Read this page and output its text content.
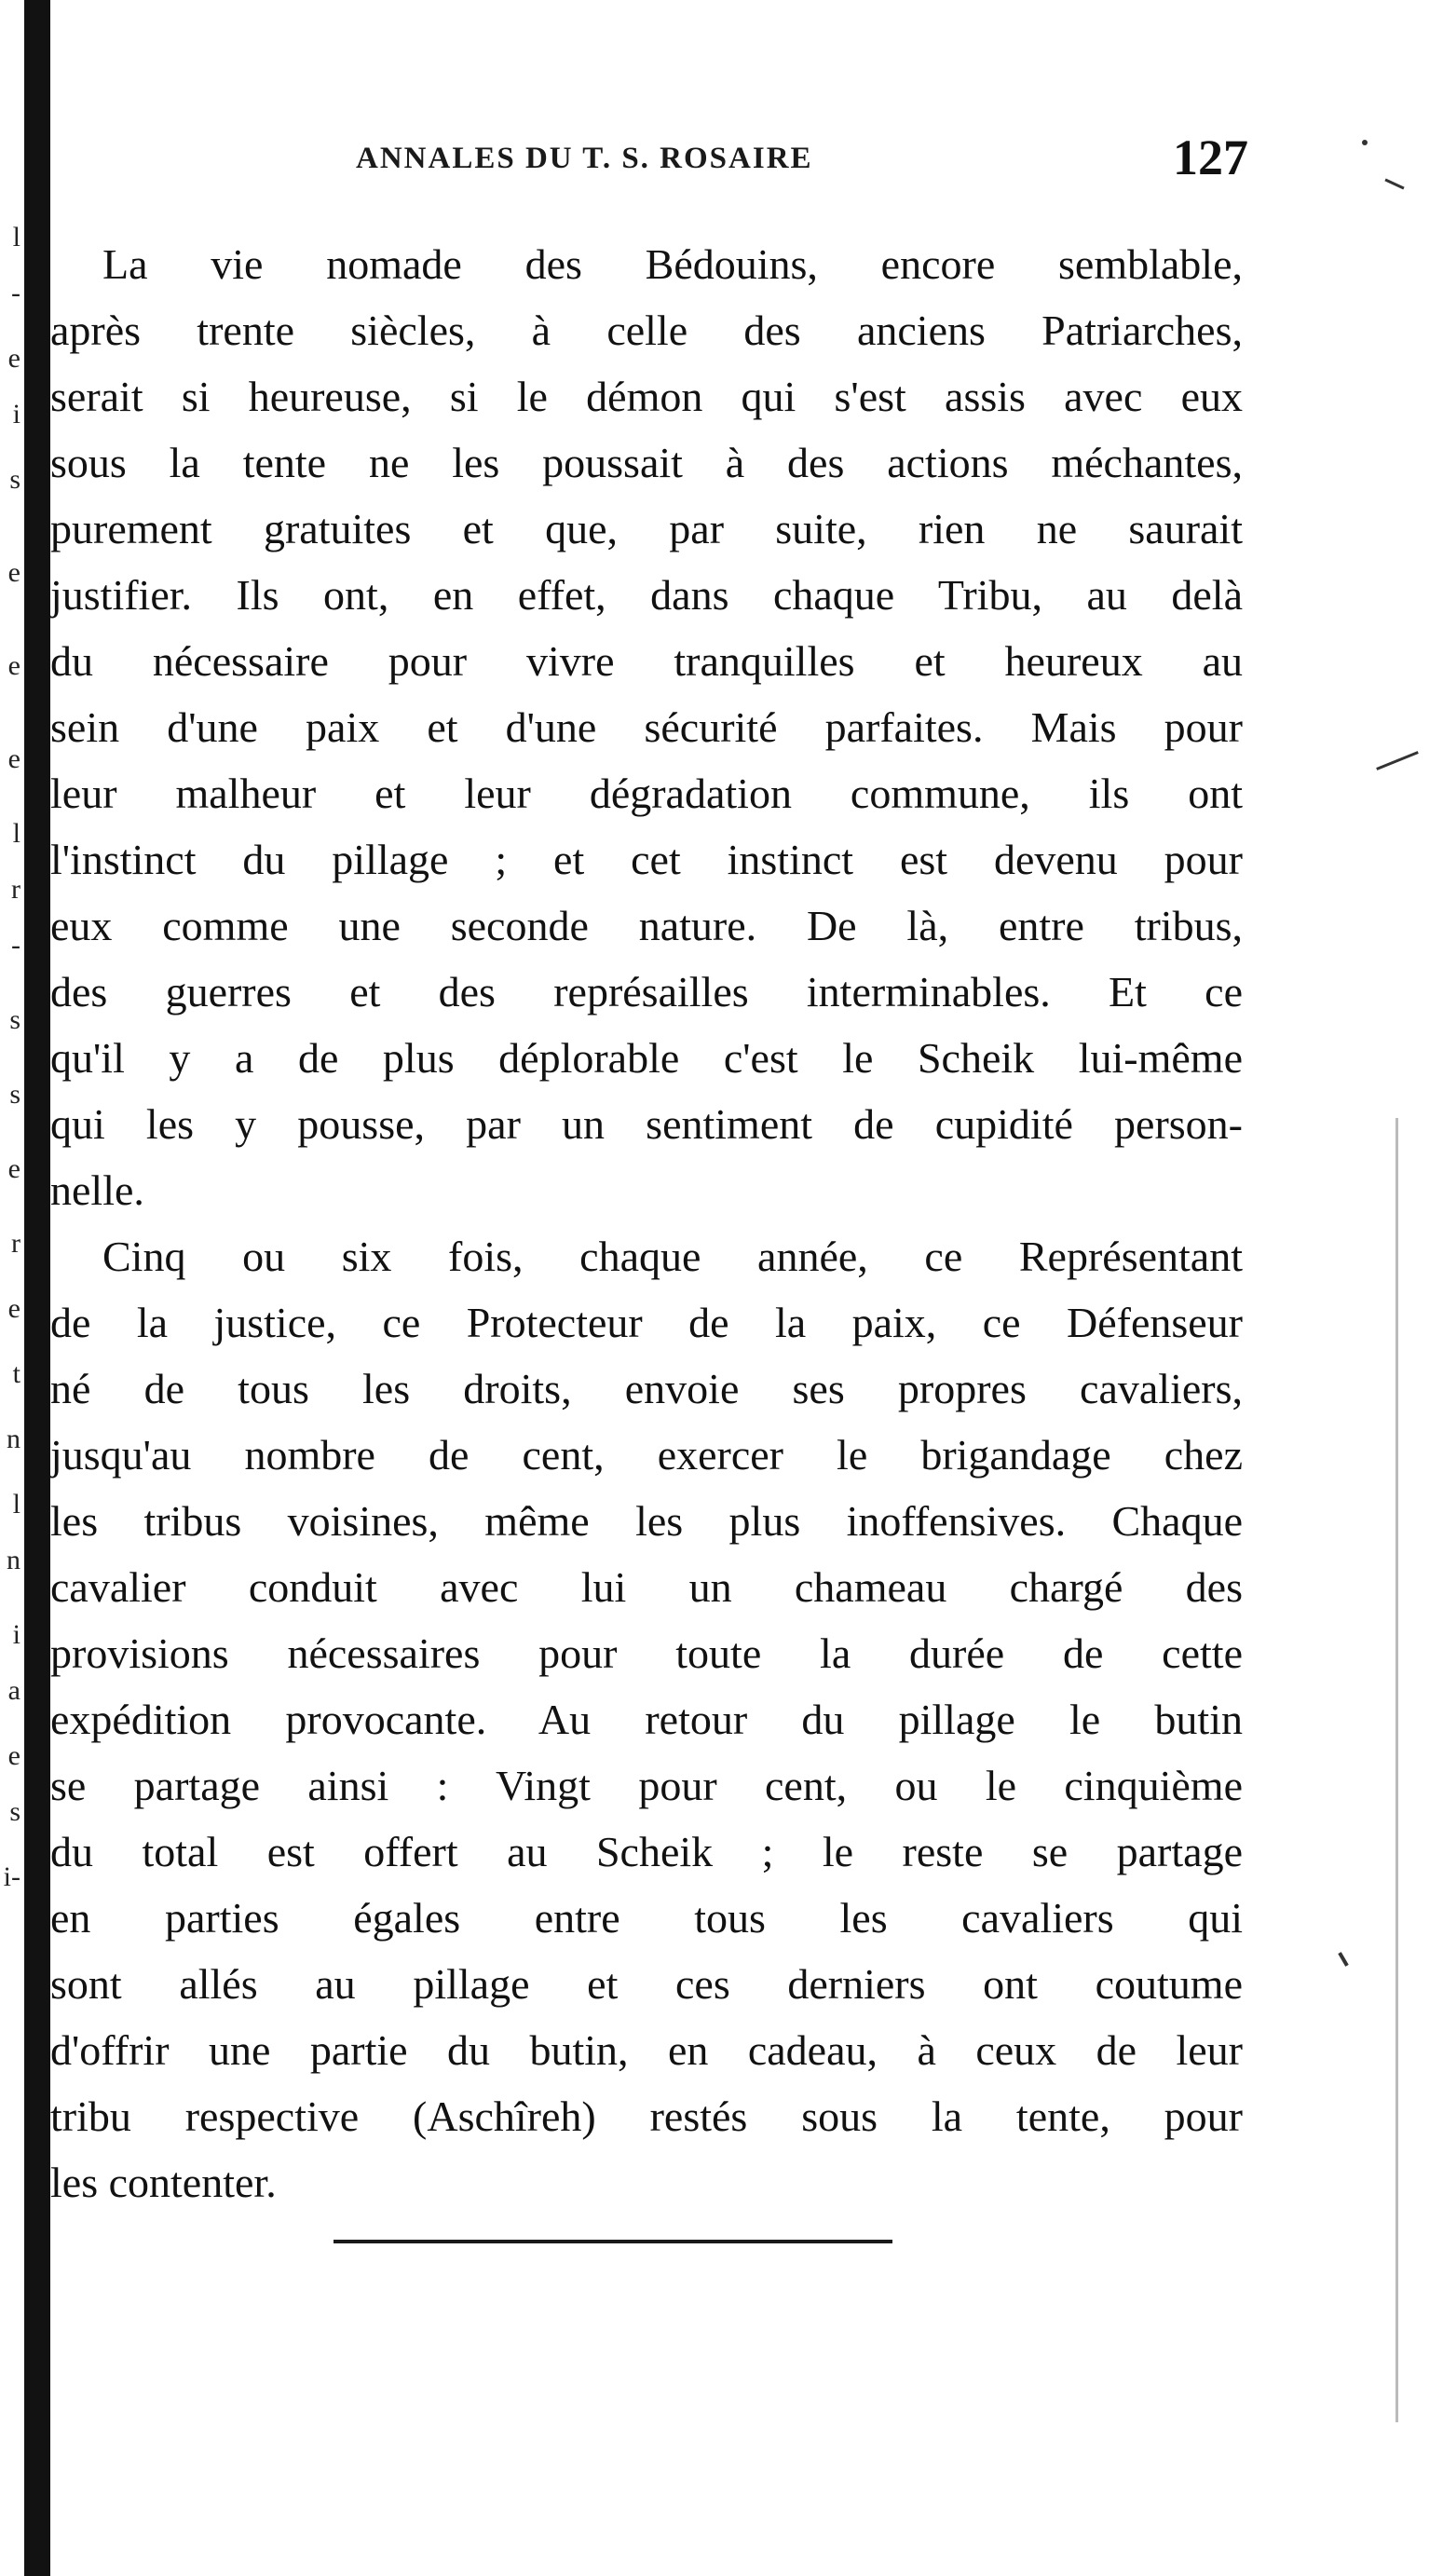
l
-
e
i
s
e
e
e
l
r
-
s
s
e
r
e
t
n
l
n
i
a
e
s
i-
ANNALES DU T. S. ROSAIRE	127

La vie nomade des Bédouins, encore semblable,
après trente siècles, à celle des anciens Patriarches,
serait si heureuse, si le démon qui s'est assis avec eux
sous la tente ne les poussait à des actions méchantes,
purement gratuites et que, par suite, rien ne saurait
justifier. Ils ont, en effet, dans chaque Tribu, au delà
du nécessaire pour vivre tranquilles et heureux au
sein d'une paix et d'une sécurité parfaites. Mais pour
leur malheur et leur dégradation commune, ils ont
l'instinct du pillage ; et cet instinct est devenu pour
eux comme une seconde nature. De là, entre tribus,
des guerres et des représailles interminables. Et ce
qu'il y a de plus déplorable c'est le Scheik lui-même
qui les y pousse, par un sentiment de cupidité person-
nelle.

Cinq ou six fois, chaque année, ce Représentant
de la justice, ce Protecteur de la paix, ce Défenseur
né de tous les droits, envoie ses propres cavaliers,
jusqu'au nombre de cent, exercer le brigandage chez
les tribus voisines, même les plus inoffensives. Chaque
cavalier conduit avec lui un chameau chargé des
provisions nécessaires pour toute la durée de cette
expédition provocante. Au retour du pillage le butin
se partage ainsi : Vingt pour cent, ou le cinquième
du total est offert au Scheik ; le reste se partage
en parties égales entre tous les cavaliers qui
sont allés au pillage et ces derniers ont coutume
d'offrir une partie du butin, en cadeau, à ceux de leur
tribu respective (Aschîreh) restés sous la tente, pour
les contenter.
